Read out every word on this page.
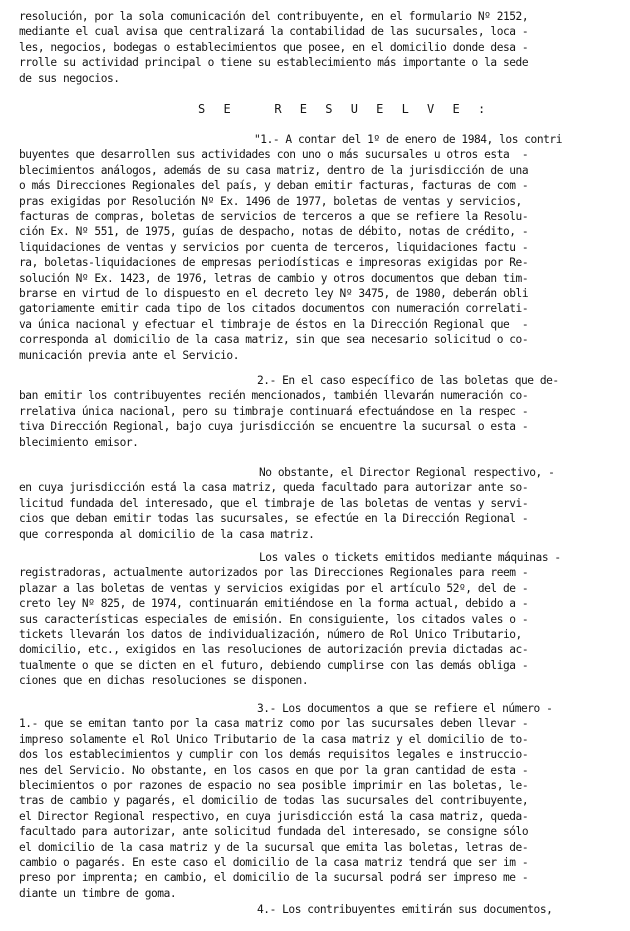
S E   R E S U E L V E :
resolución, por la sola comunicación del contribuyente, en el formulario Nº 2152,
mediante el cual avisa que centralizará la contabilidad de las sucursales, loca -
les, negocios, bodegas o establecimientos que posee, en el domicilio donde desa -
rrolle su actividad principal o tiene su establecimiento más importante o la sede
de sus negocios.
"1.- A contar del 1º de enero de 1984, los contri
buyentes que desarrollen sus actividades con uno o más sucursales u otros esta  -
blecimientos análogos, además de su casa matriz, dentro de la jurisdicción de una
o más Direcciones Regionales del país, y deban emitir facturas, facturas de com -
pras exigidas por Resolución Nº Ex. 1496 de 1977, boletas de ventas y servicios,
facturas de compras, boletas de servicios de terceros a que se refiere la Resolu-
ción Ex. Nº 551, de 1975, guías de despacho, notas de débito, notas de crédito, -
liquidaciones de ventas y servicios por cuenta de terceros, liquidaciones factu -
ra, boletas-liquidaciones de empresas periodísticas e impresoras exigidas por Re-
solución Nº Ex. 1423, de 1976, letras de cambio y otros documentos que deban tim-
brarse en virtud de lo dispuesto en el decreto ley Nº 3475, de 1980, deberán obli
gatoriamente emitir cada tipo de los citados documentos con numeración correlati-
va única nacional y efectuar el timbraje de éstos en la Dirección Regional que  -
corresponda al domicilio de la casa matriz, sin que sea necesario solicitud o co-
municación previa ante el Servicio.
2.- En el caso específico de las boletas que de-
ban emitir los contribuyentes recién mencionados, también llevarán numeración co-
rrelativa única nacional, pero su timbraje continuará efectuándose en la respec -
tiva Dirección Regional, bajo cuya jurisdicción se encuentre la sucursal o esta -
blecimiento emisor.
No obstante, el Director Regional respectivo, -
en cuya jurisdicción está la casa matriz, queda facultado para autorizar ante so-
licitud fundada del interesado, que el timbraje de las boletas de ventas y servi-
cios que deban emitir todas las sucursales, se efectúe en la Dirección Regional -
que corresponda al domicilio de la casa matriz.
Los vales o tickets emitidos mediante máquinas -
registradoras, actualmente autorizados por las Direcciones Regionales para reem -
plazar a las boletas de ventas y servicios exigidas por el artículo 52º, del de -
creto ley Nº 825, de 1974, continuarán emitiéndose en la forma actual, debido a -
sus características especiales de emisión. En consiguiente, los citados vales o -
tickets llevarán los datos de individualización, número de Rol Unico Tributario,
domicilio, etc., exigidos en las resoluciones de autorización previa dictadas ac-
tualmente o que se dicten en el futuro, debiendo cumplirse con las demás obliga -
ciones que en dichas resoluciones se disponen.
3.- Los documentos a que se refiere el número -
1.- que se emitan tanto por la casa matriz como por las sucursales deben llevar -
impreso solamente el Rol Unico Tributario de la casa matriz y el domicilio de to-
dos los establecimientos y cumplir con los demás requisitos legales e instruccio-
nes del Servicio. No obstante, en los casos en que por la gran cantidad de esta -
blecimientos o por razones de espacio no sea posible imprimir en las boletas, le-
tras de cambio y pagarés, el domicilio de todas las sucursales del contribuyente,
el Director Regional respectivo, en cuya jurisdicción está la casa matriz, queda-
facultado para autorizar, ante solicitud fundada del interesado, se consigne sólo
el domicilio de la casa matriz y de la sucursal que emita las boletas, letras de-
cambio o pagarés. En este caso el domicilio de la casa matriz tendrá que ser im -
preso por imprenta; en cambio, el domicilio de la sucursal podrá ser impreso me -
diante un timbre de goma.
4.- Los contribuyentes emitirán sus documentos,
